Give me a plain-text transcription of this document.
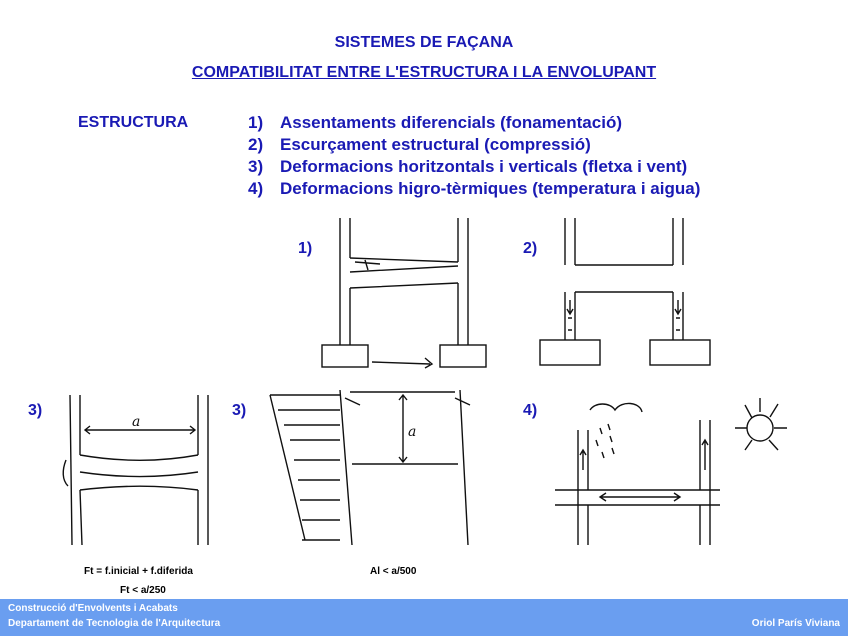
SISTEMES DE FAÇANA
COMPATIBILITAT ENTRE L'ESTRUCTURA I LA ENVOLUPANT
ESTRUCTURA	1) Assentaments diferencials (fonamentació)
2) Escurçament estructural (compressió)
3) Deformacions horitzontals i verticals (fletxa i vent)
4) Deformacions higro-tèrmiques (temperatura i aigua)
1)	2)
3)	3)	4)
a
a
Ft = f.inicial + f.diferida
Ft < a/250
Al < a/500
Construcció d'Envolvents i Acabats
Departament de Tecnologia de l'Arquitectura	Oriol París Viviana
